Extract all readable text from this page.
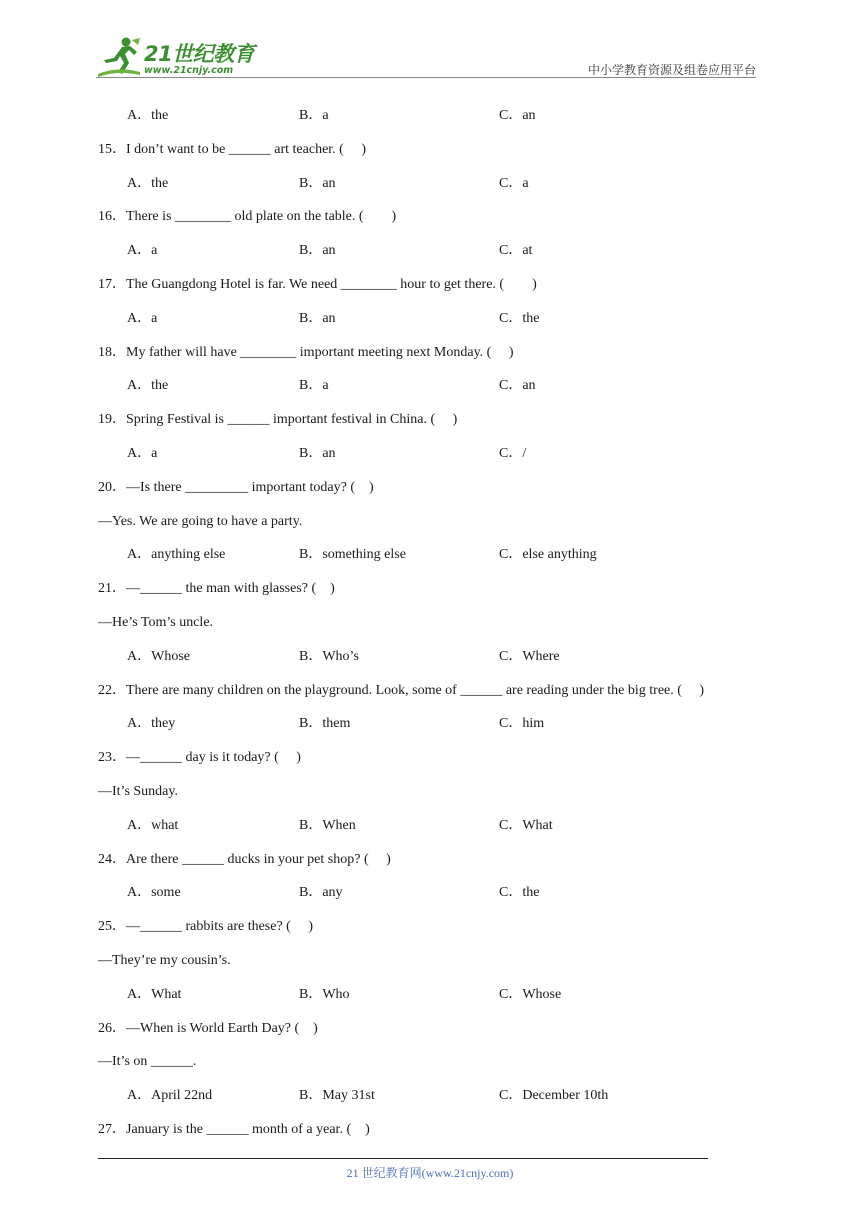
21世纪教育
www.21cnjy.com	中小学教育资源及组卷应用平台
A．the	B．a	C．an
15．I don’t want to be ______ art teacher. (　 )
A．the	B．an	C．a
16．There is ________ old plate on the table. (　　)
A．a	B．an	C．at
17．The Guangdong Hotel is far. We need ________ hour to get there. (　　)
A．a	B．an	C．the
18．My father will have ________ important meeting next Monday. (　 )
A．the	B．a	C．an
19．Spring Festival is ______ important festival in China. (　 )
A．a	B．an	C．/
20．—Is there _________ important today? (　)
—Yes. We are going to have a party.
A．anything else	B．something else	C．else anything
21．—______ the man with glasses? (　)
—He’s Tom’s uncle.
A．Whose	B．Who’s	C．Where
22．There are many children on the playground. Look, some of ______ are reading under the big tree. (　 )
A．they	B．them	C．him
23．—______ day is it today? (　 )
—It’s Sunday.
A．what	B．When	C．What
24．Are there ______ ducks in your pet shop? (　 )
A．some	B．any	C．the
25．—______ rabbits are these? (　 )
—They’re my cousin’s.
A．What	B．Who	C．Whose
26．—When is World Earth Day? (　)
—It’s on ______.
A．April 22nd	B．May 31st	C．December 10th
27．January is the ______ month of a year. (　)
21 世纪教育网(www.21cnjy.com)
